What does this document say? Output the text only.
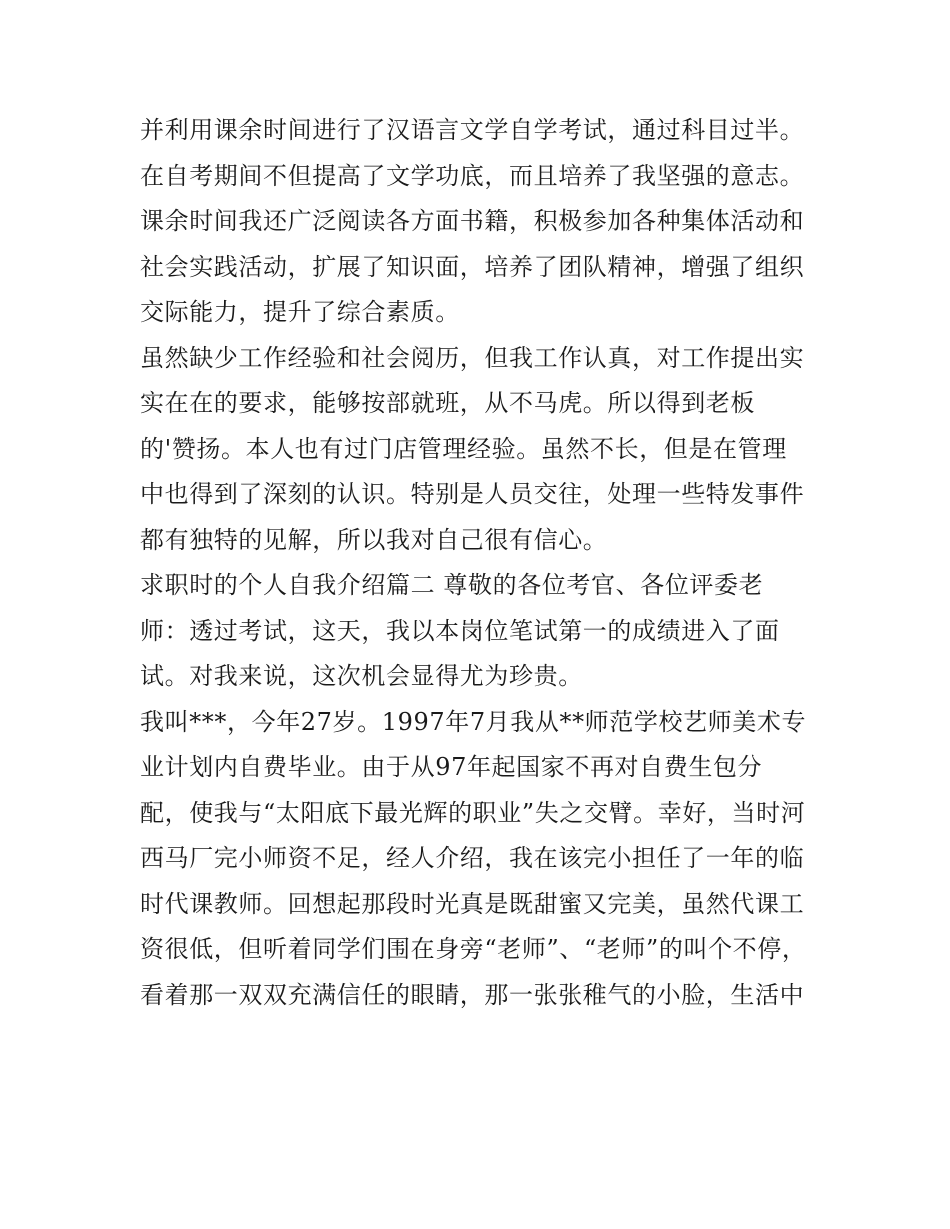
并利用课余时间进行了汉语言文学自学考试，通过科目过半。
在自考期间不但提高了文学功底，而且培养了我坚强的意志。
课余时间我还广泛阅读各方面书籍，积极参加各种集体活动和
社会实践活动，扩展了知识面，培养了团队精神，增强了组织
交际能力，提升了综合素质。
虽然缺少工作经验和社会阅历，但我工作认真，对工作提出实
实在在的要求，能够按部就班，从不马虎。所以得到老板
的'赞扬。本人也有过门店管理经验。虽然不长，但是在管理
中也得到了深刻的认识。特别是人员交往，处理一些特发事件
都有独特的见解，所以我对自己很有信心。
求职时的个人自我介绍篇二 尊敬的各位考官、各位评委老
师：透过考试，这天，我以本岗位笔试第一的成绩进入了面
试。对我来说，这次机会显得尤为珍贵。
我叫***，今年27岁。1997年7月我从**师范学校艺师美术专
业计划内自费毕业。由于从97年起国家不再对自费生包分
配，使我与“太阳底下最光辉的职业”失之交臂。幸好，当时河
西马厂完小师资不足，经人介绍，我在该完小担任了一年的临
时代课教师。回想起那段时光真是既甜蜜又完美，虽然代课工
资很低，但听着同学们围在身旁“老师”、“老师”的叫个不停，
看着那一双双充满信任的眼睛，那一张张稚气的小脸，生活中
